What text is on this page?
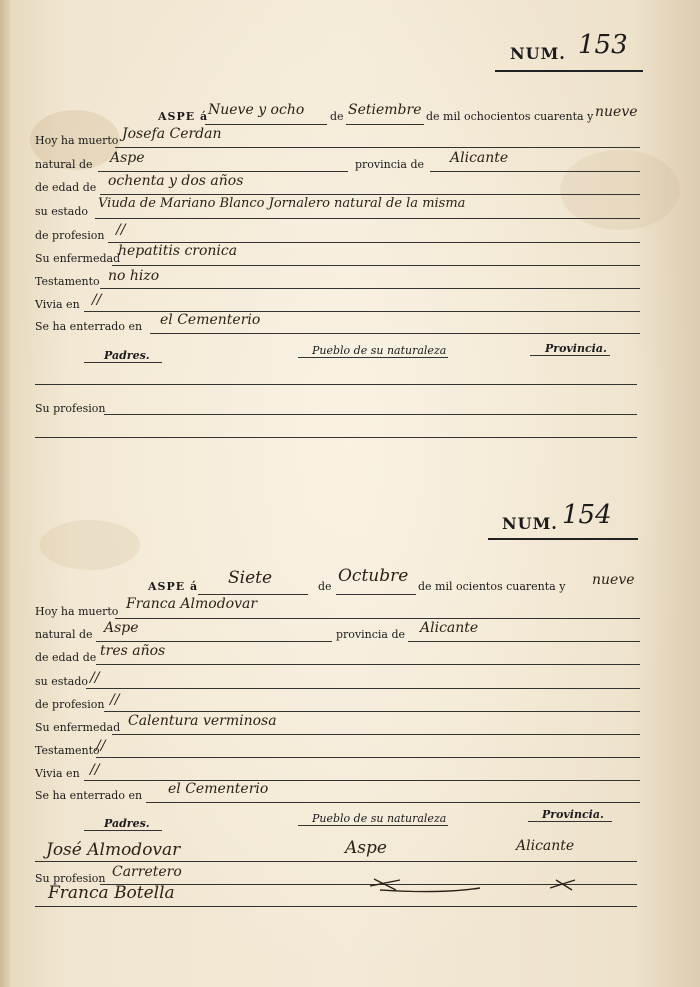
NUM. 153
ASPE á Nueve y ocho de Setiembre de mil ochocientos cuarenta y nueve
Hoy ha muerto Josefa Cerdan
natural de Aspe	provincia de Alicante
de edad de ochenta y dos años
su estado
Viuda de Mariano Blanco Jornalero natural de la misma
de profesion //
Su enfermedad
hepatitis cronica
Testamento no hizo
Vivia en //
Se ha enterrado en el Cementerio
Padres.	Pueblo de su naturaleza	Provincia.
Su profesion
NUM. 154
ASPE á Siete	de
Octubre
de mil ocientos cuarenta y nueve
Hoy ha muerto Franca Almodovar
natural de Aspe	provincia de Alicante
de edad de tres años
su estado //
de profesion //
Su enfermedad Calentura verminosa
Testamento
//
Vivia en //
Se ha enterrado en el Cementerio
Padres.	Pueblo de su naturaleza	Provincia.
José Almodovar	Aspe	Alicante
Su profesion Carretero
Franca Botella
